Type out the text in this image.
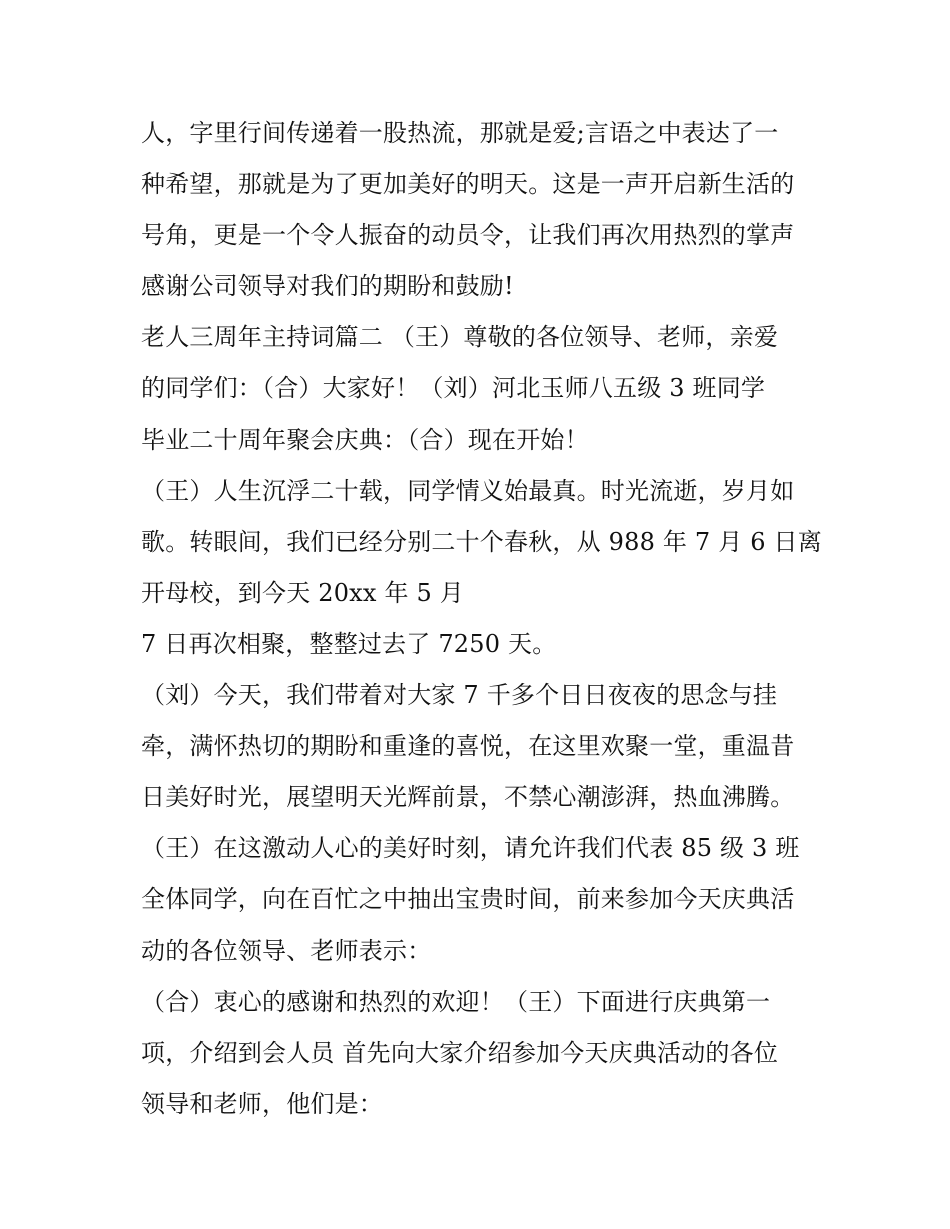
人，字里行间传递着一股热流，那就是爱;言语之中表达了一
种希望，那就是为了更加美好的明天。这是一声开启新生活的
号角，更是一个令人振奋的动员令，让我们再次用热烈的掌声
感谢公司领导对我们的期盼和鼓励!
老人三周年主持词篇二 （王）尊敬的各位领导、老师，亲爱
的同学们：（合）大家好！（刘）河北玉师八五级 3 班同学
毕业二十周年聚会庆典：（合）现在开始！
（王）人生沉浮二十载，同学情义始最真。时光流逝，岁月如
歌。转眼间，我们已经分别二十个春秋，从 988 年 7 月 6 日离
开母校，到今天 20xx 年 5 月
7 日再次相聚，整整过去了 7250 天。
（刘）今天，我们带着对大家 7 千多个日日夜夜的思念与挂
牵，满怀热切的期盼和重逢的喜悦，在这里欢聚一堂，重温昔
日美好时光，展望明天光辉前景，不禁心潮澎湃，热血沸腾。
（王）在这激动人心的美好时刻，请允许我们代表 85 级 3 班
全体同学，向在百忙之中抽出宝贵时间，前来参加今天庆典活
动的各位领导、老师表示：
（合）衷心的感谢和热烈的欢迎！（王）下面进行庆典第一
项，介绍到会人员 首先向大家介绍参加今天庆典活动的各位
领导和老师，他们是：
